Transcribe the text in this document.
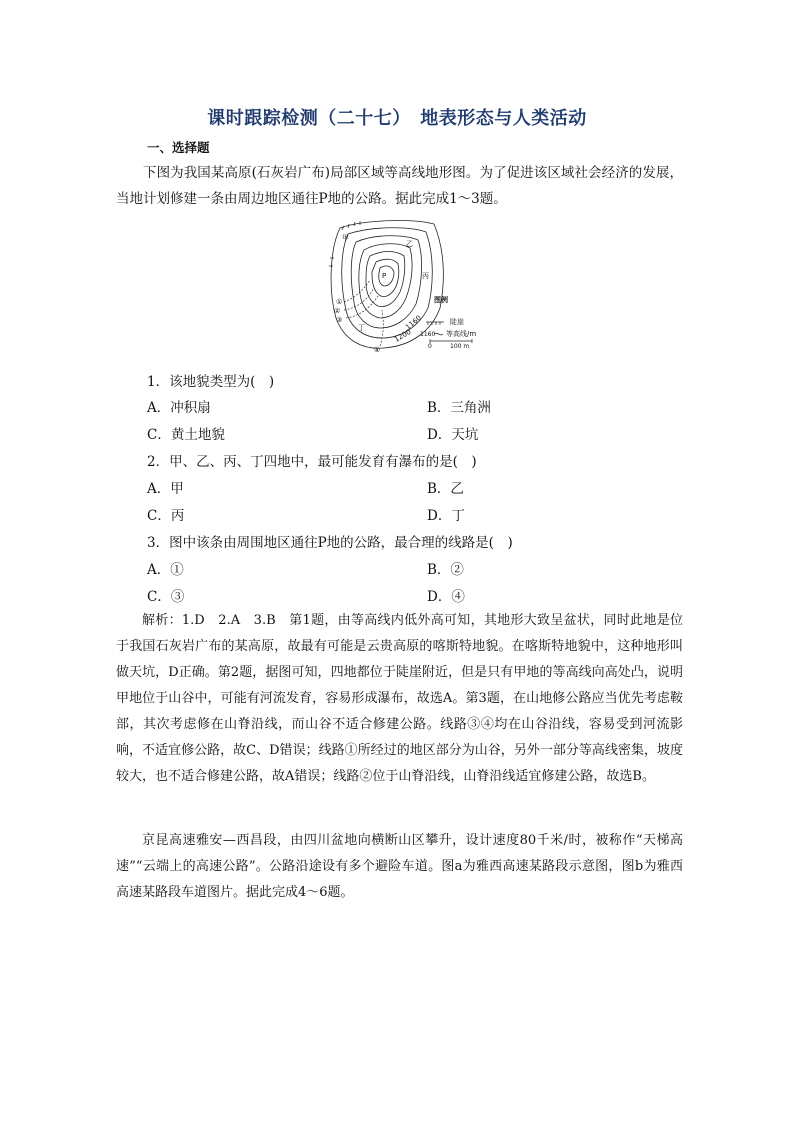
课时跟踪检测（二十七）　地表形态与人类活动
一、选择题

下图为我国某高原(石灰岩广布)局部区域等高线地形图。为了促进该区域社会经济的发展，当地计划修建一条由周边地区通往P地的公路。据此完成1～3题。

①
②
③
④
甲
乙
丙
丁
P
1160
1200
图例
陡崖
等高线/m
1160
0	100 m
1．该地貌类型为(　)
A．冲积扇	B．三角洲
C．黄土地貌	D．天坑
2．甲、乙、丙、丁四地中，最可能发育有瀑布的是(　)
A．甲	B．乙
C．丙	D．丁
3．图中该条由周围地区通往P地的公路，最合理的线路是(　)
A．①	B．②
C．③	D．④

解析：1.D　2.A　3.B　第1题，由等高线内低外高可知，其地形大致呈盆状，同时此地是位于我国石灰岩广布的某高原，故最有可能是云贵高原的喀斯特地貌。在喀斯特地貌中，这种地形叫做天坑，D正确。第2题，据图可知，四地都位于陡崖附近，但是只有甲地的等高线向高处凸，说明甲地位于山谷中，可能有河流发育，容易形成瀑布，故选A。第3题，在山地修公路应当优先考虑鞍部，其次考虑修在山脊沿线，而山谷不适合修建公路。线路③④均在山谷沿线，容易受到河流影响，不适宜修公路，故C、D错误；线路①所经过的地区部分为山谷，另外一部分等高线密集，坡度较大，也不适合修建公路，故A错误；线路②位于山脊沿线，山脊沿线适宜修建公路，故选B。

京昆高速雅安—西昌段，由四川盆地向横断山区攀升，设计速度80千米/时，被称作“天梯高速”“云端上的高速公路”。公路沿途设有多个避险车道。图a为雅西高速某路段示意图，图b为雅西高速某路段车道图片。据此完成4～6题。
